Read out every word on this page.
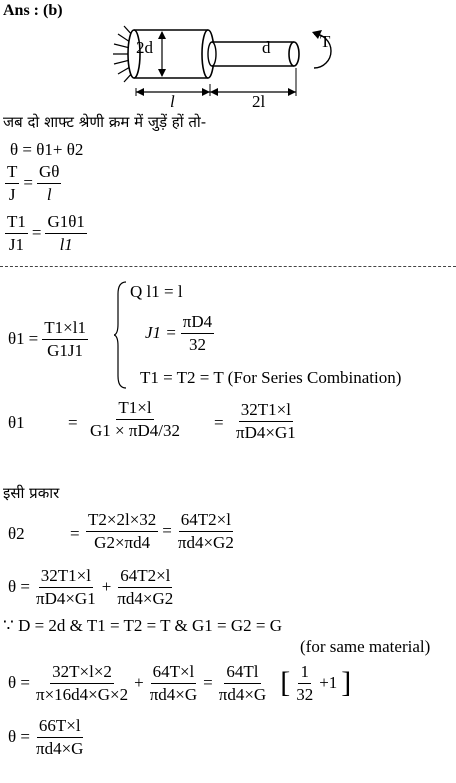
Ans : (b)
2d	d	T
l	2l
जब दो शाफ्ट श्रेणी क्रम में जुड़ें हों तो-
θ = θ1+ θ2
$\frac{T}{J} = \frac{G\theta}{l}$
$\frac{T1}{J1} = \frac{G1\theta 1}{l1}$
$\theta 1 = \frac{T1\times l1}{G1J1}$
Q l1 = l
$J1 = \frac{\pi D4}{32}$
T1 = T2 = T (For Series Combination)
θ1	= $\frac{T1\times l}{G1 \times \pi D4/32} = \frac{32T1\times l}{\pi D4\times G1}$
इसी प्रकार
θ2	= $\frac{T2\times 2l\times 32}{G2\times\pi d4} = \frac{64T2\times l}{\pi d4\times G2}$
$\theta = \frac{32T1\times l}{\pi D4\times G1} + \frac{64T2\times l}{\pi d4\times G2}$
∵ D = 2d & T1 = T2 = T & G1 = G2 = G
(for same material)
$\theta = \frac{32T\times l\times 2}{\pi\times 16d4\times G\times 2} + \frac{64T\times l}{\pi d4\times G} = \frac{64Tl}{\pi d4\times G}$ [ $\frac{1}{32} +1$ ]
$\theta = \frac{66T\times l}{\pi d4\times G}$
